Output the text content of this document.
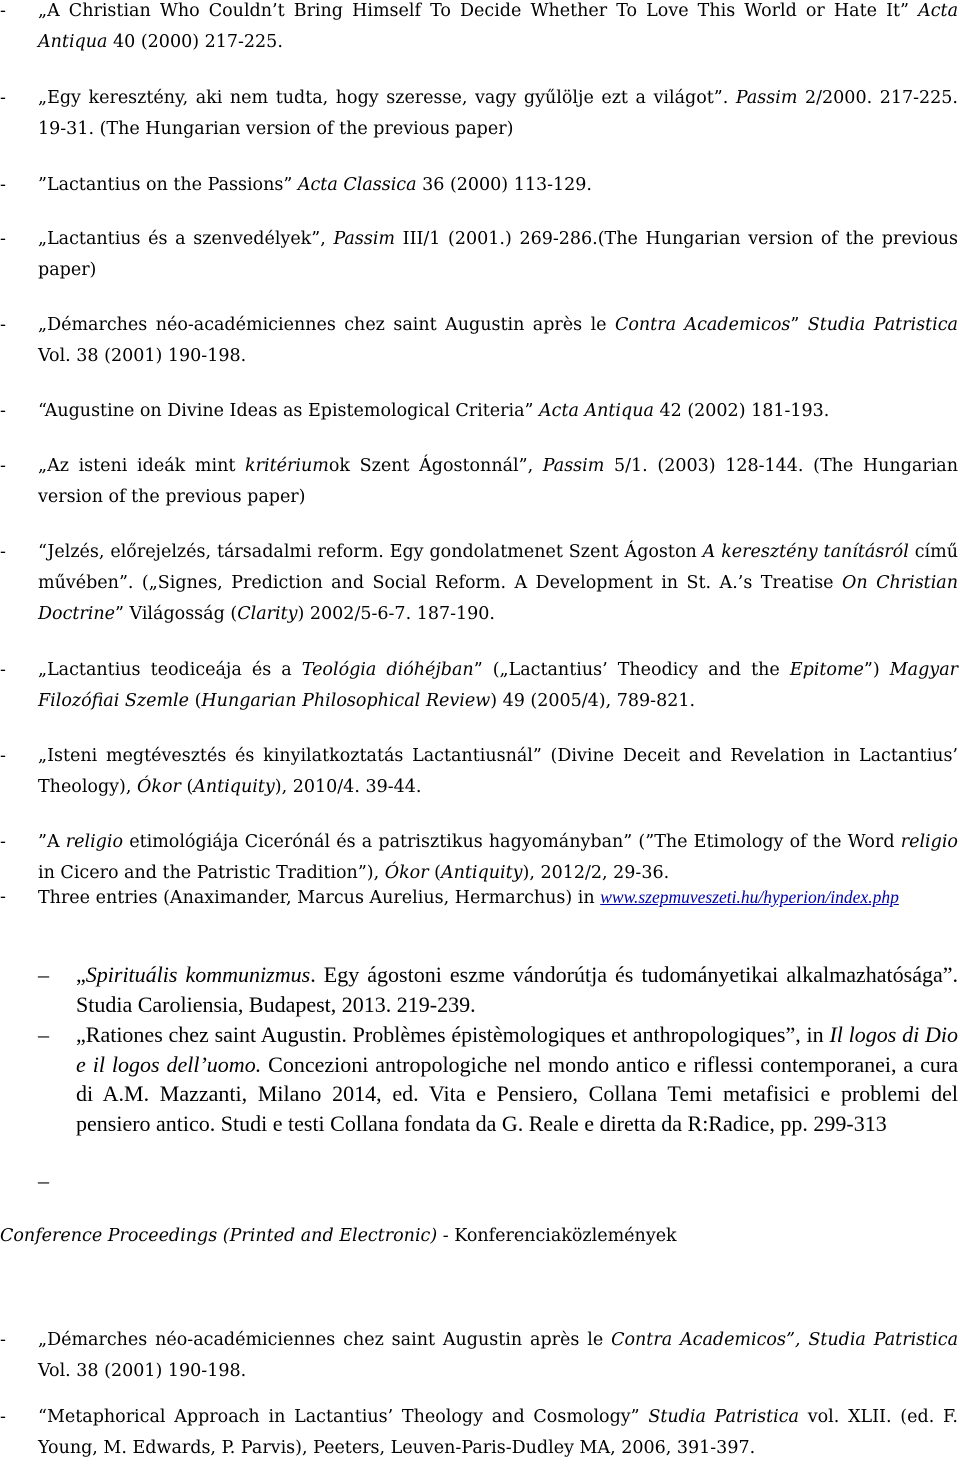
-	„A Christian Who Couldn’t Bring Himself To Decide Whether To Love This World or Hate It” Acta Antiqua 40 (2000) 217-225.
-	„Egy keresztény, aki nem tudta, hogy szeresse, vagy gyűlölje ezt a világot”. Passim 2/2000. 217-225. 19-31. (The Hungarian version of the previous paper)
-	”Lactantius on the Passions” Acta Classica 36 (2000) 113-129.
-	„Lactantius és a szenvedélyek”, Passim III/1 (2001.) 269-286.(The Hungarian version of the previous paper)
-	„Démarches néo-académiciennes chez saint Augustin après le Contra Academicos” Studia Patristica Vol. 38 (2001) 190-198.
-	“Augustine on Divine Ideas as Epistemological Criteria” Acta Antiqua 42 (2002) 181-193.
-	„Az isteni ideák mint kritériumok Szent Ágostonnál”, Passim 5/1. (2003) 128-144. (The Hungarian version of the previous paper)
-	“Jelzés, előrejelzés, társadalmi reform. Egy gondolatmenet Szent Ágoston A keresztény tanításról című művében”. („Signes, Prediction and Social Reform. A Development in St. A.’s Treatise On Christian Doctrine” Világosság (Clarity) 2002/5-6-7. 187-190.
-	„Lactantius teodiceája és a Teológia dióhéjban” („Lactantius’ Theodicy and the Epitome”) Magyar Filozófiai Szemle (Hungarian Philosophical Review) 49 (2005/4), 789-821.
-	„Isteni megtévesztés és kinyilatkoztatás Lactantiusnál” (Divine Deceit and Revelation in Lactantius’ Theology), Ókor (Antiquity), 2010/4. 39-44.
-	”A religio etimológiája Cicerónál és a patrisztikus hagyományban” (”The Etimology of the Word religio in Cicero and the Patristic Tradition”), Ókor (Antiquity), 2012/2, 29-36.
-	Three entries (Anaximander, Marcus Aurelius, Hermarchus) in www.szepmuveszeti.hu/hyperion/index.php
–	„Spirituális kommunizmus. Egy ágostoni eszme vándorútja és tudományetikai alkalmazhatósága”. Studia Caroliensia, Budapest, 2013. 219-239.
–	„Rationes chez saint Augustin. Problèmes épistèmologiques et anthropologiques”, in Il logos di Dio e il logos dell’uomo. Concezioni antropologiche nel mondo antico e riflessi contemporanei, a cura di A.M. Mazzanti, Milano 2014, ed. Vita e Pensiero, Collana Temi metafisici e problemi del pensiero antico. Studi e testi Collana fondata da G. Reale e diretta da R:Radice, pp. 299-313
–
Conference Proceedings (Printed and Electronic) - Konferenciaközlemények
-	„Démarches néo-académiciennes chez saint Augustin après le Contra Academicos”, Studia Patristica Vol. 38 (2001) 190-198.
-	“Metaphorical Approach in Lactantius’ Theology and Cosmology” Studia Patristica vol. XLII. (ed. F. Young, M. Edwards, P. Parvis), Peeters, Leuven-Paris-Dudley MA, 2006, 391-397.
